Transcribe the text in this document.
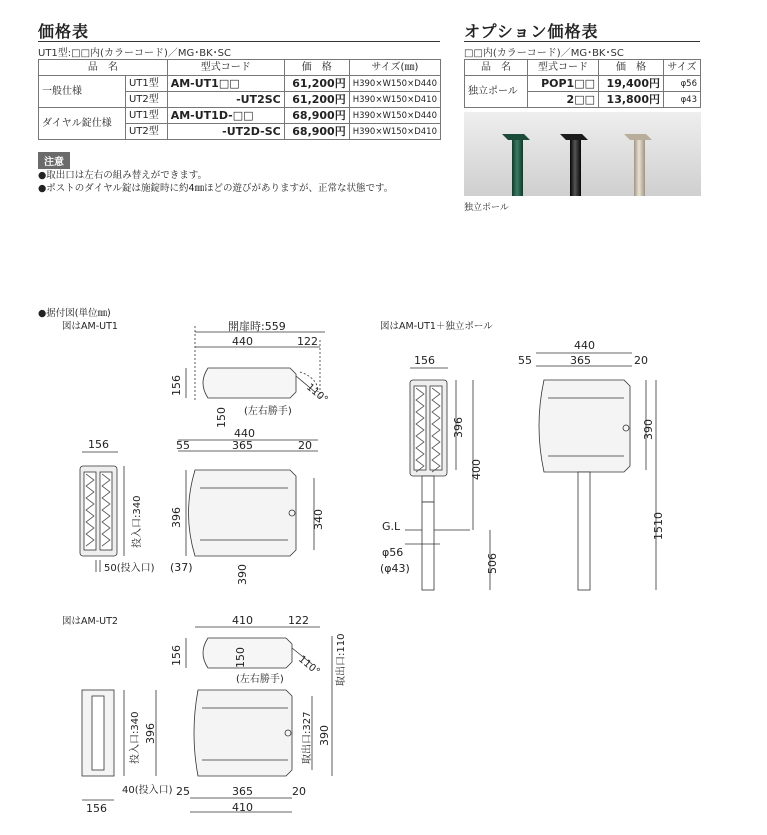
価格表
UT1型:□□内(カラーコード)／MG･BK･SC
品　名		型式コード	価　格	サイズ(㎜)
一般仕様	UT1型	AM-UT1□□	61,200円	H390×W150×D440
	UT2型	-UT2SC	61,200円	H390×W150×D410
ダイヤル錠仕様	UT1型	AM-UT1D-□□	68,900円	H390×W150×D440
	UT2型	-UT2D-SC	68,900円	H390×W150×D410
オプション価格表
□□内(カラーコード)／MG･BK･SC
品　名	型式コード	価　格	サイズ
独立ポール	POP1□□	19,400円	φ56
	2□□	13,800円	φ43
独立ポール
注意
●取出口は左右の組み替えができます。
●ポストのダイヤル錠は施錠時に約4㎜ほどの遊びがありますが、正常な状態です。
●据付図(単位㎜)
図はAM-UT1	図はAM-UT1＋独立ポール
図はAM-UT2
開扉時:559
440	122
156	110°
150 (左右勝手)
156
投入口:340
50(投入口)
440
55	365	20
396	340
(37)	390
156
G.L
φ56
(φ43)
396
400
506
440
55	365	20
390
1510
410	122
156	150	110°
(左右勝手)	取出口:110
投入口:340 396
40(投入口)
156
取出口:327 390
25	365	20
410
